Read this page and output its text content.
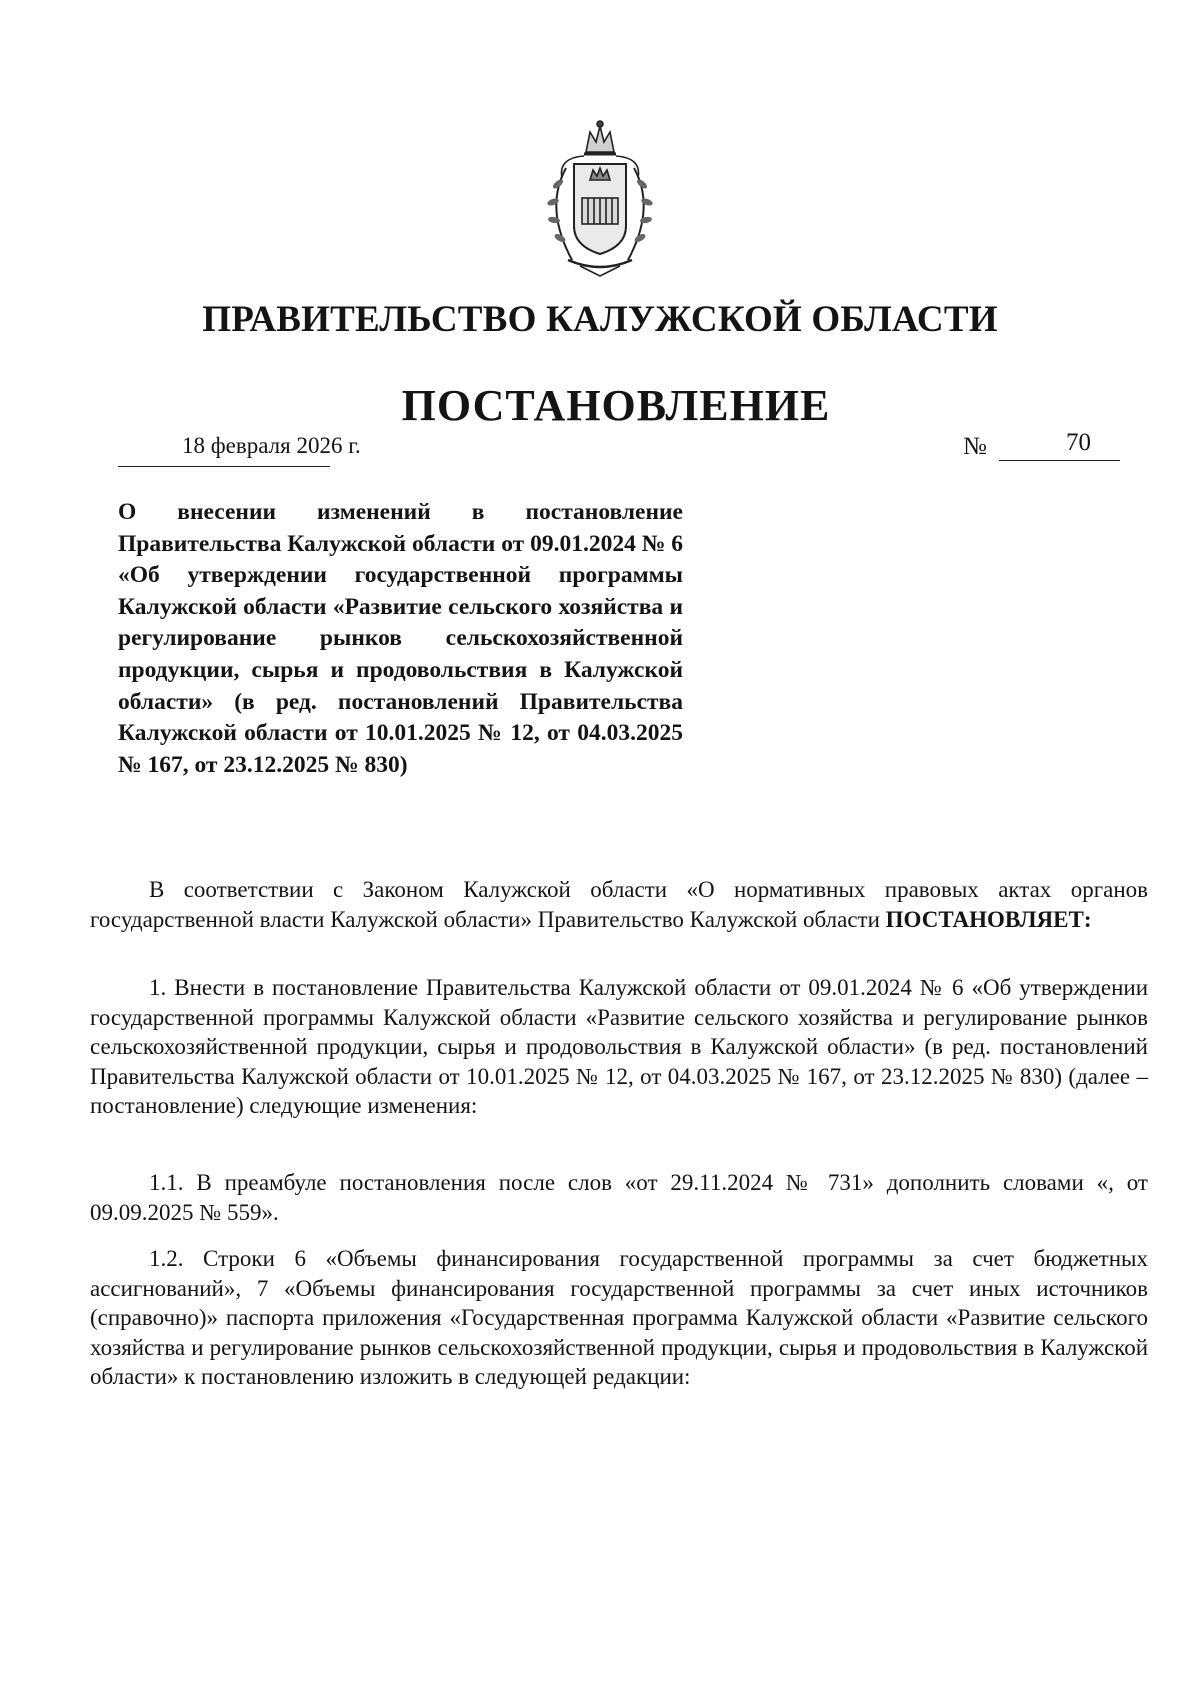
ПРАВИТЕЛЬСТВО КАЛУЖСКОЙ ОБЛАСТИ
ПОСТАНОВЛЕНИЕ
18 февраля 2026 г.	№	70
О внесении изменений в постановление Правительства Калужской области от 09.01.2024 № 6 «Об утверждении государственной программы Калужской области «Развитие сельского хозяйства и регулирование рынков сельскохозяйственной продукции, сырья и продовольствия в Калужской области» (в ред. постановлений Правительства Калужской области от 10.01.2025 № 12, от 04.03.2025 № 167, от 23.12.2025 № 830)
В соответствии с Законом Калужской области «О нормативных правовых актах органов государственной власти Калужской области» Правительство Калужской области ПОСТАНОВЛЯЕТ:
1. Внести в постановление Правительства Калужской области от 09.01.2024 № 6 «Об утверждении государственной программы Калужской области «Развитие сельского хозяйства и регулирование рынков сельскохозяйственной продукции, сырья и продовольствия в Калужской области» (в ред. постановлений Правительства Калужской области от 10.01.2025 № 12, от 04.03.2025 № 167, от 23.12.2025 № 830) (далее – постановление) следующие изменения:
1.1. В преамбуле постановления после слов «от 29.11.2024 № 731» дополнить словами «, от 09.09.2025 № 559».
1.2. Строки 6 «Объемы финансирования государственной программы за счет бюджетных ассигнований», 7 «Объемы финансирования государственной программы за счет иных источников (справочно)» паспорта приложения «Государственная программа Калужской области «Развитие сельского хозяйства и регулирование рынков сельскохозяйственной продукции, сырья и продовольствия в Калужской области» к постановлению изложить в следующей редакции:
